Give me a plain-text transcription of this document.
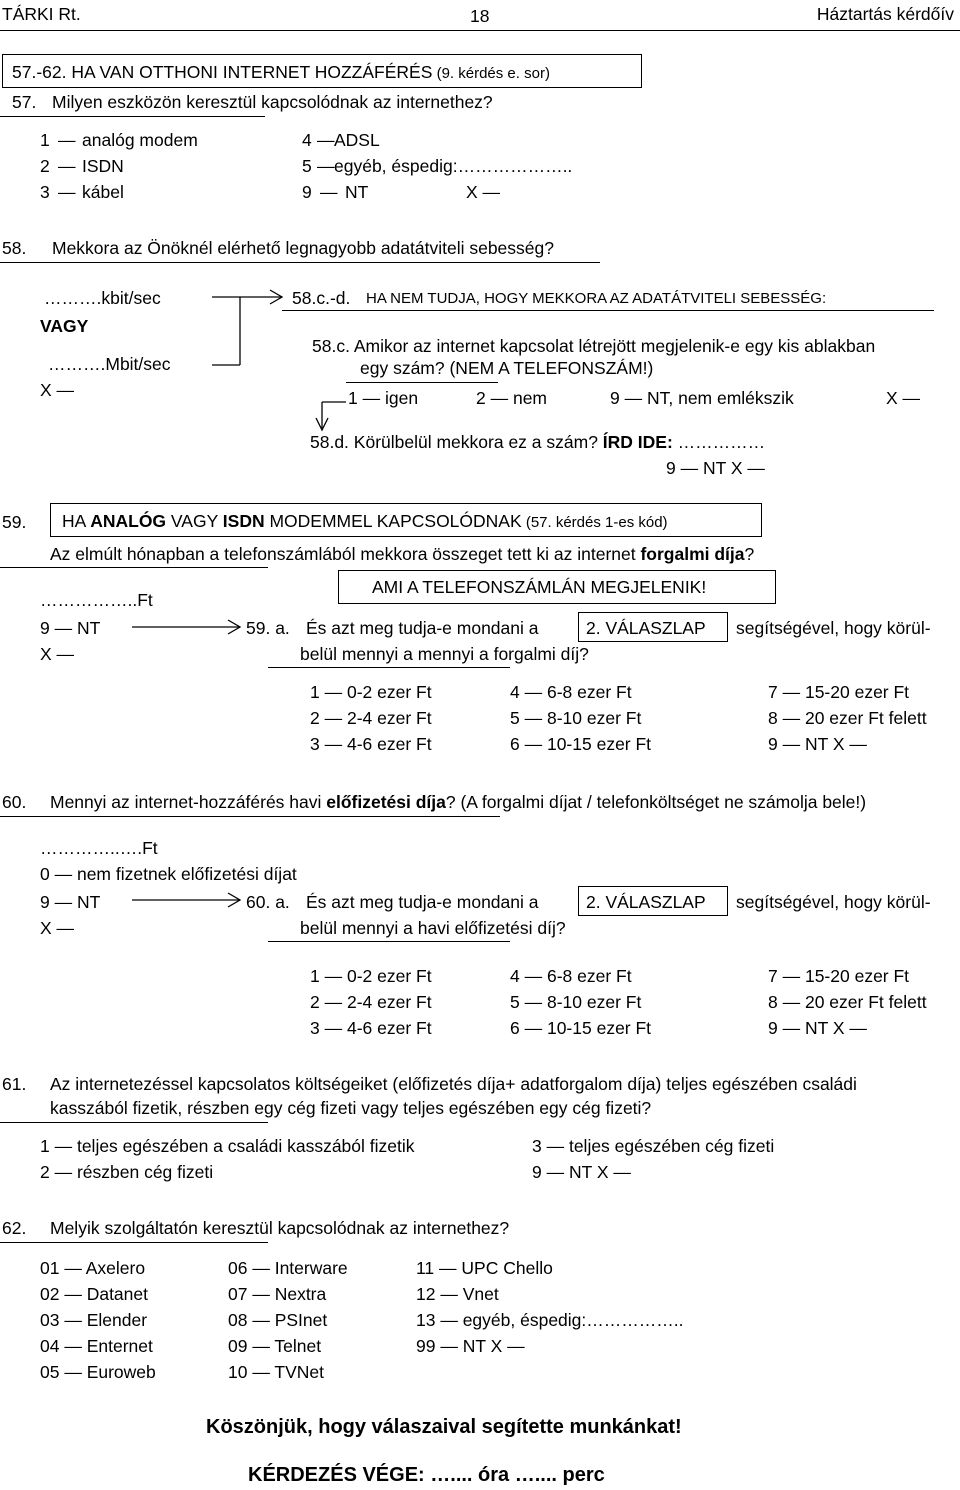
TÁRKI Rt.	18	Háztartás kérdőív
57.-62. HA VAN OTTHONI INTERNET HOZZÁFÉRÉS (9. kérdés e. sor)
57. Milyen eszközön keresztül kapcsolódnak az internethez?
1 — analóg modem
2 — ISDN
3 — kábel
4 — ADSL
5 — egyéb, éspedig:………………..
9 — NT	X —
58. Mekkora az Önöknél elérhető legnagyobb adatátviteli sebesség?
……….kbit/sec
VAGY
……….Mbit/sec
X —
58.c.-d. HA NEM TUDJA, HOGY MEKKORA AZ ADATÁTVITELI SEBESSÉG:
58.c. Amikor az internet kapcsolat létrejött megjelenik-e egy kis ablakban
egy szám? (NEM A TELEFONSZÁM!)
1 — igen	2 — nem	9 — NT, nem emlékszik	X —
58.d. Körülbelül mekkora ez a szám? ÍRD IDE: ……………
9 — NT X —
59. HA ANALÓG VAGY ISDN MODEMMEL KAPCSOLÓDNAK (57. kérdés 1-es kód)
Az elmúlt hónapban a telefonszámlából mekkora összeget tett ki az internet forgalmi díja?
AMI A TELEFONSZÁMLÁN MEGJELENIK!
……………..Ft
9 — NT
X —
59. a. És azt meg tudja-e mondani a	2. VÁLASZLAP segítségével, hogy körül-
belül mennyi a mennyi a forgalmi díj?
1 — 0-2 ezer Ft
2 — 2-4 ezer Ft
3 — 4-6 ezer Ft
4 — 6-8 ezer Ft
5 — 8-10 ezer Ft
6 — 10-15 ezer Ft
7 — 15-20 ezer Ft
8 — 20 ezer Ft felett
9 — NT X —
60. Mennyi az internet-hozzáférés havi előfizetési díja? (A forgalmi díjat / telefonköltséget ne számolja bele!)
…………..….Ft
0 — nem fizetnek előfizetési díjat
9 — NT
X —
60. a. És azt meg tudja-e mondani a	2. VÁLASZLAP segítségével, hogy körül-
belül mennyi a havi előfizetési díj?
1 — 0-2 ezer Ft
2 — 2-4 ezer Ft
3 — 4-6 ezer Ft
4 — 6-8 ezer Ft
5 — 8-10 ezer Ft
6 — 10-15 ezer Ft
7 — 15-20 ezer Ft
8 — 20 ezer Ft felett
9 — NT X —
61. Az internetezéssel kapcsolatos költségeiket (előfizetés díja+ adatforgalom díja) teljes egészében családi
kasszából fizetik, részben egy cég fizeti vagy teljes egészében egy cég fizeti?
1 — teljes egészében a családi kasszából fizetik
2 — részben cég fizeti
3 — teljes egészében cég fizeti
9 — NT X —
62. Melyik szolgáltatón keresztül kapcsolódnak az internethez?
01 — Axelero
02 — Datanet
03 — Elender
04 — Enternet
05 — Euroweb
06 — Interware
07 — Nextra
08 — PSInet
09 — Telnet
10 — TVNet
11 — UPC Chello
12 — Vnet
13 — egyéb, éspedig:……………..
99 — NT X —
Köszönjük, hogy válaszaival segítette munkánkat!
KÉRDEZÉS VÉGE: ….... óra ….... perc
